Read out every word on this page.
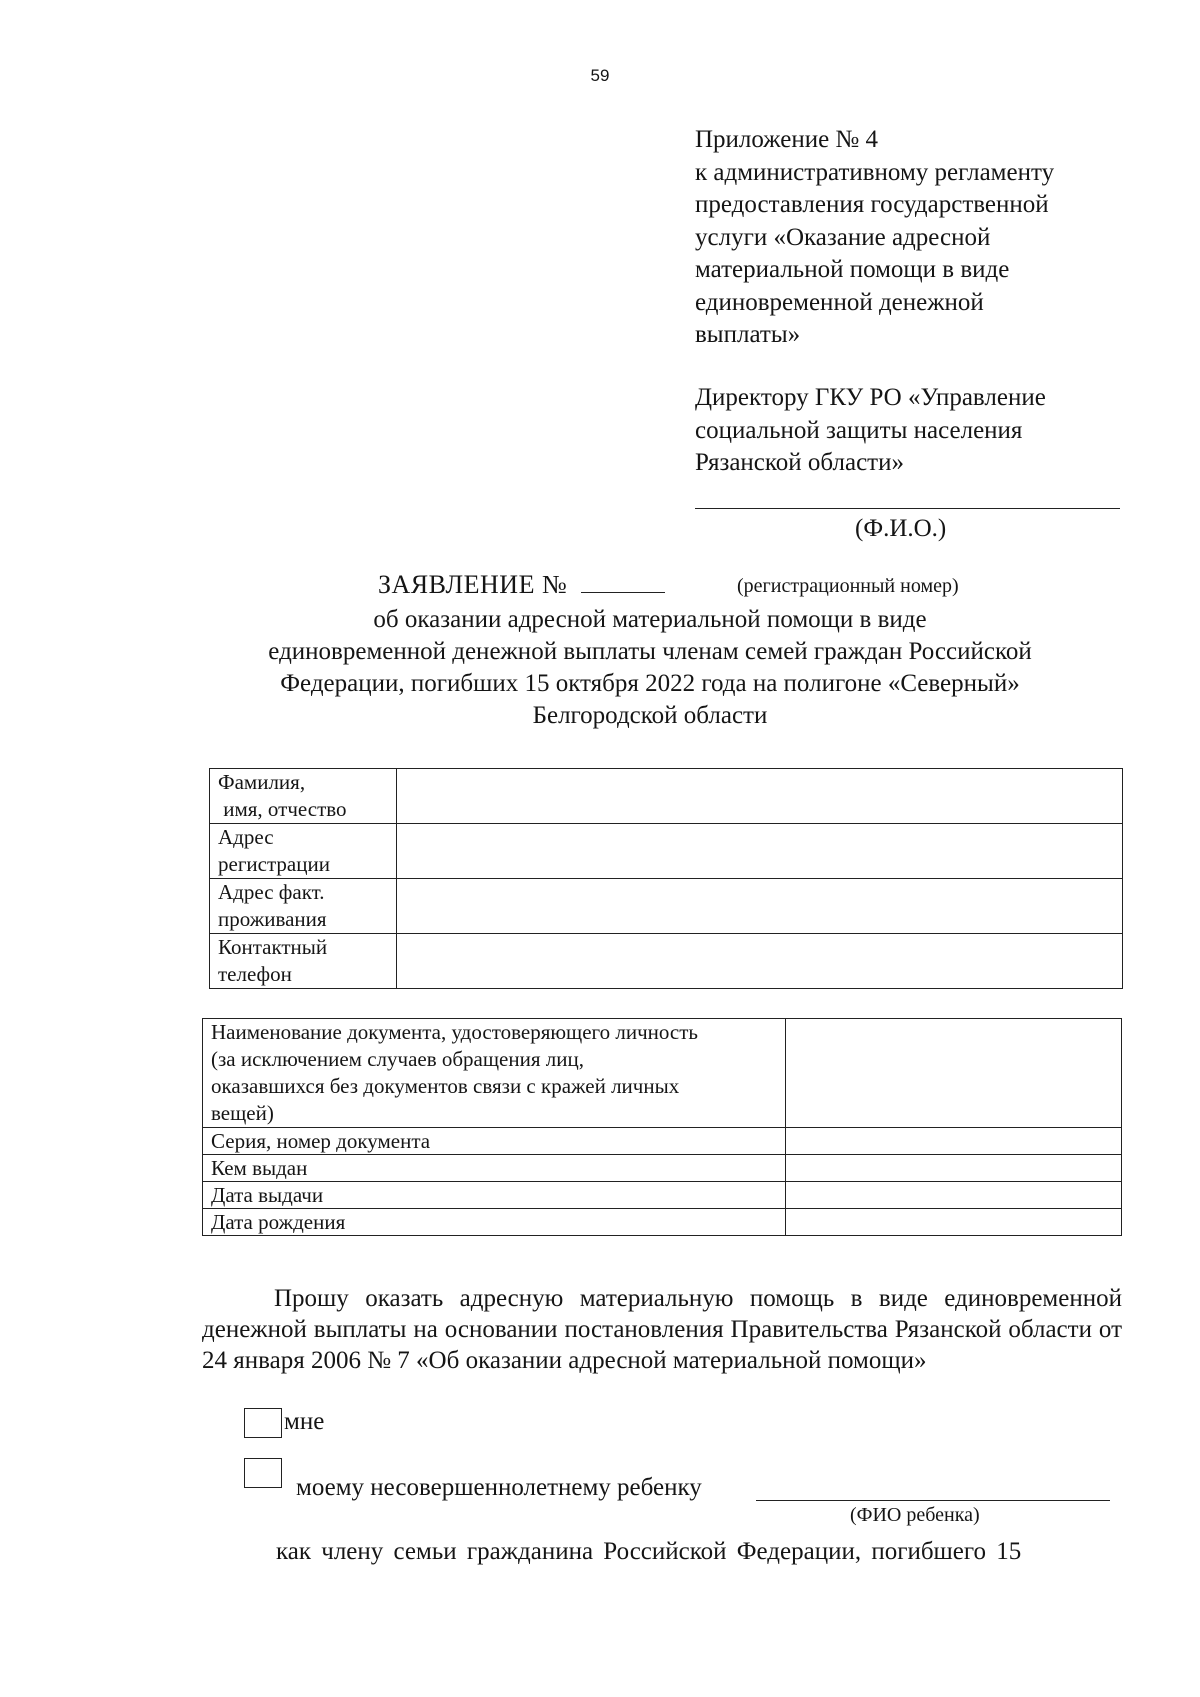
59
Приложение № 4
к административному регламенту
предоставления государственной
услуги «Оказание адресной
материальной помощи в виде
единовременной денежной
выплаты»
Директору ГКУ РО «Управление
социальной защиты населения
Рязанской области»
(Ф.И.О.)
ЗАЯВЛЕНИЕ №	(регистрационный номер)
об оказании адресной материальной помощи в виде
единовременной денежной выплаты членам семей граждан Российской
Федерации, погибших 15 октября 2022 года на полигоне «Северный»
Белгородской области
Фамилия,
имя, отчество	

Адрес
регистрации	

Адрес факт.
проживания	

Контактный
телефон	

Наименование документа, удостоверяющего личность
(за исключением случаев обращения лиц,
оказавшихся без документов связи с кражей личных
вещей)	

Серия, номер документа	
Кем выдан	
Дата выдачи	
Дата рождения	
Прошу оказать адресную материальную помощь в виде единовременной денежной выплаты на основании постановления Правительства Рязанской области от 24 января 2006 № 7 «Об оказании адресной материальной помощи»
мне
моему несовершеннолетнему ребенку
(ФИО ребенка)
как члену семьи гражданина Российской Федерации, погибшего 15
